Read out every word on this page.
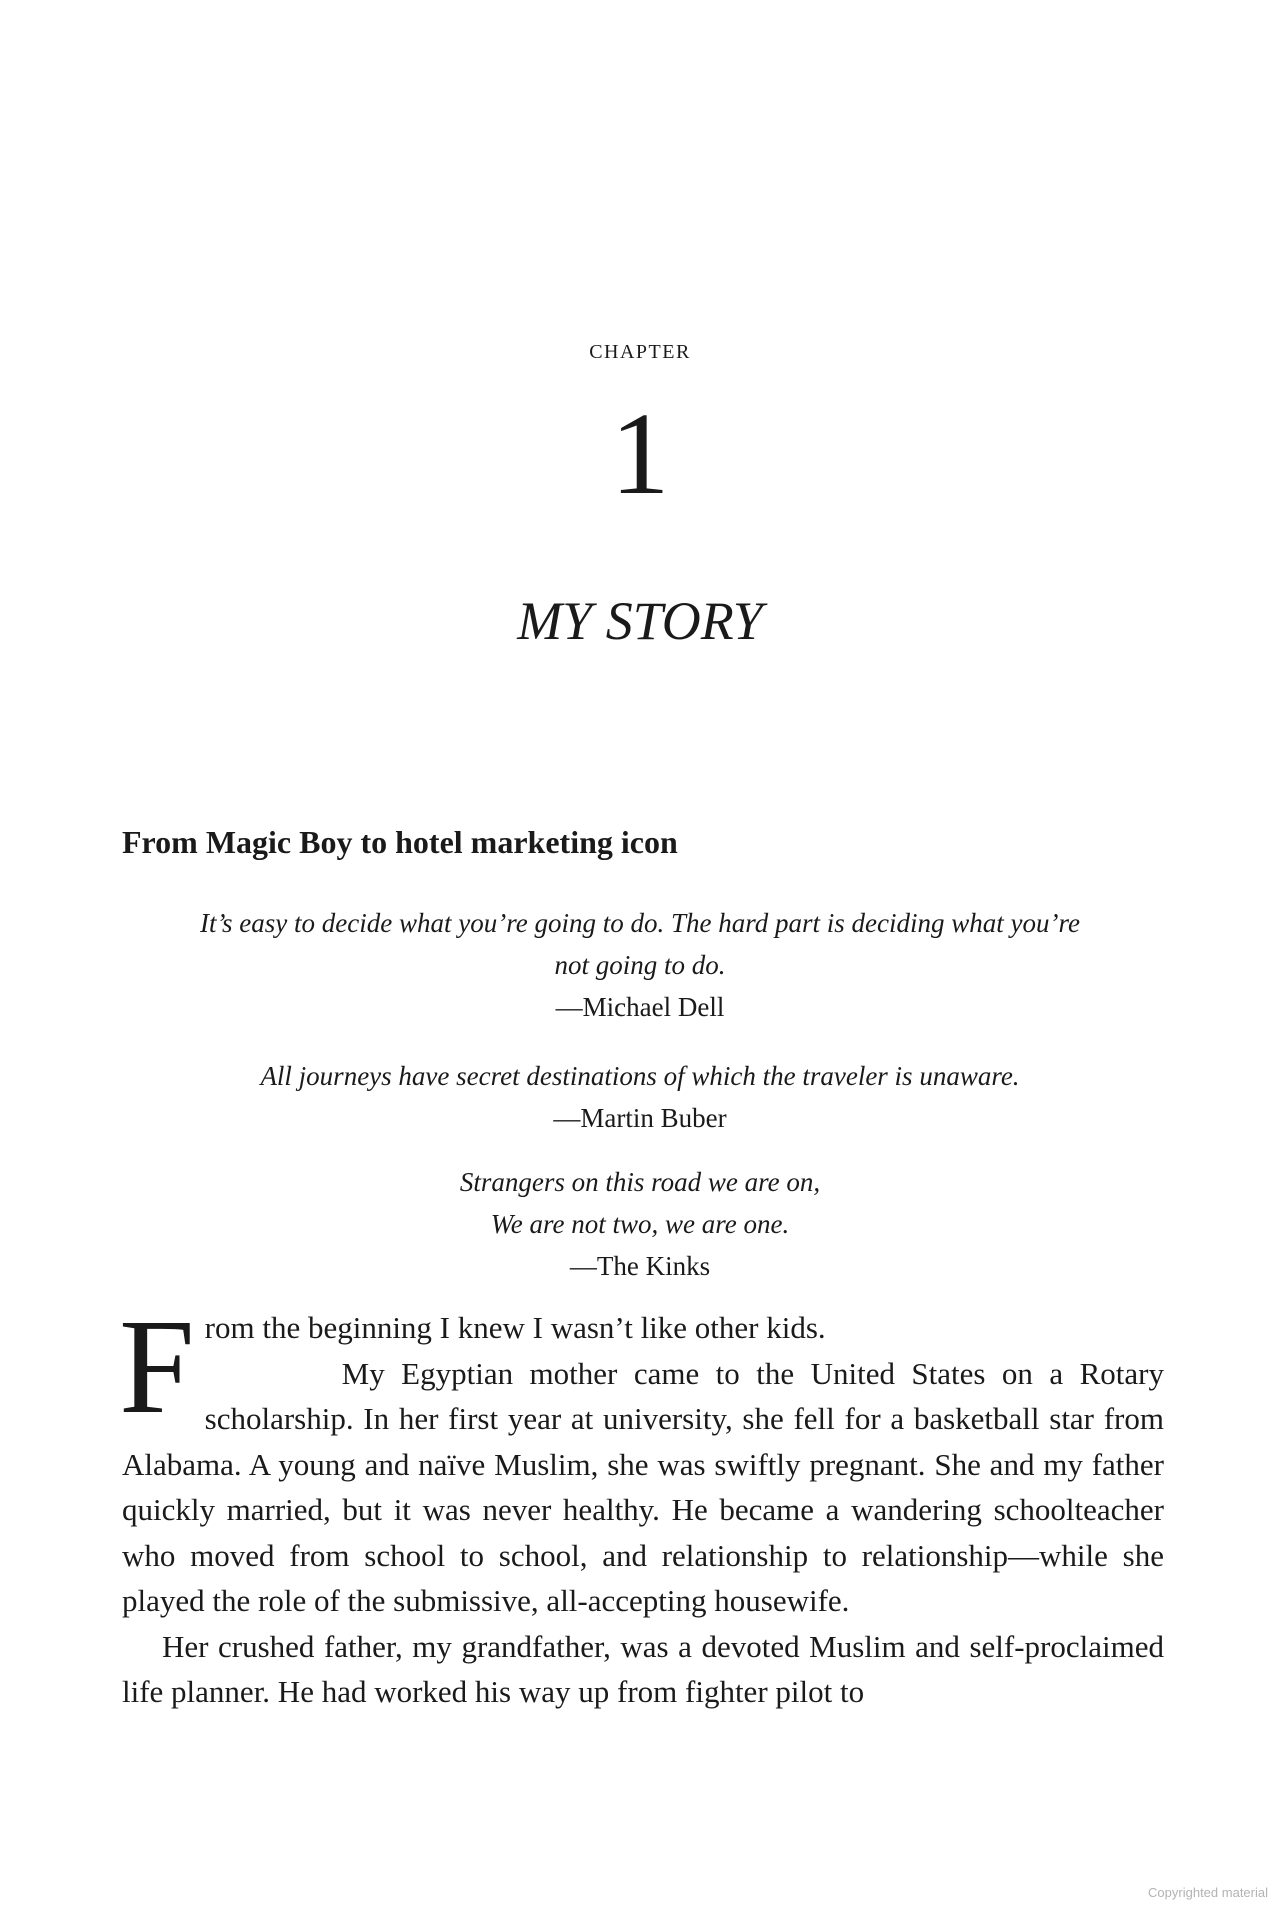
CHAPTER
1
MY STORY
From Magic Boy to hotel marketing icon
It’s easy to decide what you’re going to do. The hard part is deciding what you’re
not going to do.
—Michael Dell
All journeys have secret destinations of which the traveler is unaware.
—Martin Buber
Strangers on this road we are on,
We are not two, we are one.
—The Kinks
F rom the beginning I knew I wasn’t like other kids.

My Egyptian mother came to the United States on a Rotary scholarship. In her first year at university, she fell for a basketball star from Alabama. A young and naïve Muslim, she was swiftly pregnant. She and my father quickly married, but it was never healthy. He became a wandering schoolteacher who moved from school to school, and relationship to relationship—while she played the role of the submissive, all-accepting housewife.

Her crushed father, my grandfather, was a devoted Muslim and self-proclaimed life planner. He had worked his way up from fighter pilot to

Copyrighted material
